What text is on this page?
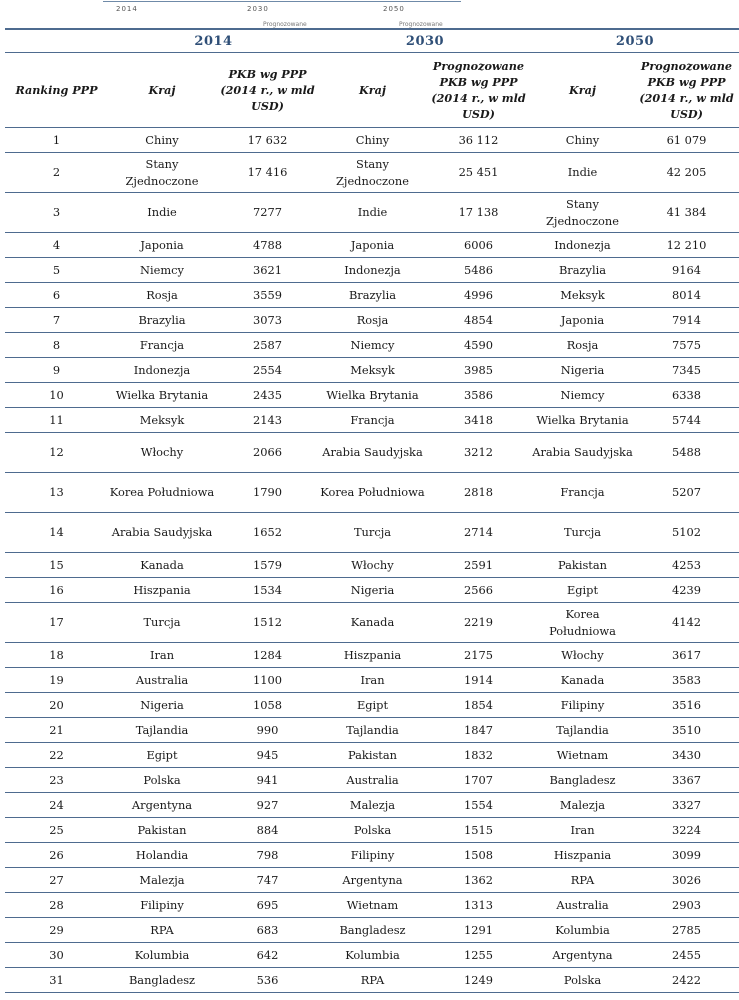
2014	2030	2050
Prognozowane	Prognozowane
	2014		2030		2050	
Ranking PPP	Kraj	PKB wg PPP (2014 r., w mld USD)	Kraj	Prognozowane PKB wg PPP (2014 r., w mld USD)	Kraj	Prognozowane PKB wg PPP (2014 r., w mld USD)
1	Chiny	17 632	Chiny	36 112	Chiny	61 079
2	Stany Zjednoczone	17 416	Stany Zjednoczone	25 451	Indie	42 205
3	Indie	7277	Indie	17 138	Stany Zjednoczone	41 384
4	Japonia	4788	Japonia	6006	Indonezja	12 210
5	Niemcy	3621	Indonezja	5486	Brazylia	9164
6	Rosja	3559	Brazylia	4996	Meksyk	8014
7	Brazylia	3073	Rosja	4854	Japonia	7914
8	Francja	2587	Niemcy	4590	Rosja	7575
9	Indonezja	2554	Meksyk	3985	Nigeria	7345
10	Wielka Brytania	2435	Wielka Brytania	3586	Niemcy	6338
11	Meksyk	2143	Francja	3418	Wielka Brytania	5744
12	Włochy	2066	Arabia Saudyjska	3212	Arabia Saudyjska	5488
13	Korea Południowa	1790	Korea Południowa	2818	Francja	5207
14	Arabia Saudyjska	1652	Turcja	2714	Turcja	5102
15	Kanada	1579	Włochy	2591	Pakistan	4253
16	Hiszpania	1534	Nigeria	2566	Egipt	4239
17	Turcja	1512	Kanada	2219	Korea Południowa	4142
18	Iran	1284	Hiszpania	2175	Włochy	3617
19	Australia	1100	Iran	1914	Kanada	3583
20	Nigeria	1058	Egipt	1854	Filipiny	3516
21	Tajlandia	990	Tajlandia	1847	Tajlandia	3510
22	Egipt	945	Pakistan	1832	Wietnam	3430
23	Polska	941	Australia	1707	Bangladesz	3367
24	Argentyna	927	Malezja	1554	Malezja	3327
25	Pakistan	884	Polska	1515	Iran	3224
26	Holandia	798	Filipiny	1508	Hiszpania	3099
27	Malezja	747	Argentyna	1362	RPA	3026
28	Filipiny	695	Wietnam	1313	Australia	2903
29	RPA	683	Bangladesz	1291	Kolumbia	2785
30	Kolumbia	642	Kolumbia	1255	Argentyna	2455
31	Bangladesz	536	RPA	1249	Polska	2422
